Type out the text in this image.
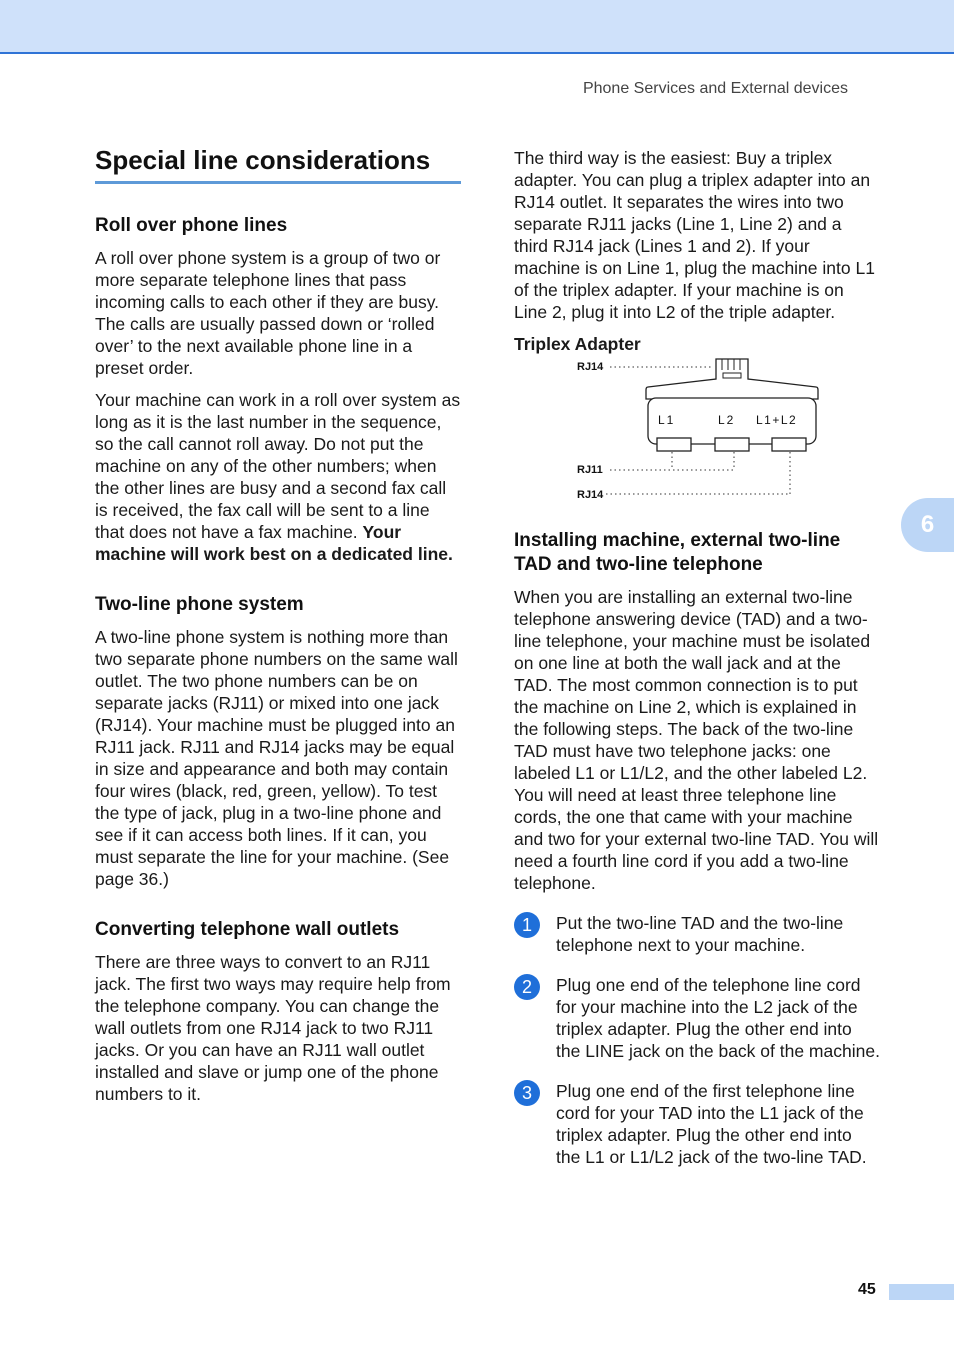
Phone Services and External devices
Special line considerations
Roll over phone lines

A roll over phone system is a group of two or more separate telephone lines that pass incoming calls to each other if they are busy. The calls are usually passed down or ‘rolled over’ to the next available phone line in a preset order.

Your machine can work in a roll over system as long as it is the last number in the sequence, so the call cannot roll away. Do not put the machine on any of the other numbers; when the other lines are busy and a second fax call is received, the fax call will be sent to a line that does not have a fax machine. Your machine will work best on a dedicated line.

Two-line phone system

A two-line phone system is nothing more than two separate phone numbers on the same wall outlet. The two phone numbers can be on separate jacks (RJ11) or mixed into one jack (RJ14). Your machine must be plugged into an RJ11 jack. RJ11 and RJ14 jacks may be equal in size and appearance and both may contain four wires (black, red, green, yellow). To test the type of jack, plug in a two-line phone and see if it can access both lines. If it can, you must separate the line for your machine. (See page 36.)

Converting telephone wall outlets

There are three ways to convert to an RJ11 jack. The first two ways may require help from the telephone company. You can change the wall outlets from one RJ14 jack to two RJ11 jacks. Or you can have an RJ11 wall outlet installed and slave or jump one of the phone numbers to it.

The third way is the easiest: Buy a triplex adapter. You can plug a triplex adapter into an RJ14 outlet. It separates the wires into two separate RJ11 jacks (Line 1, Line 2) and a third RJ14 jack (Lines 1 and 2). If your machine is on Line 1, plug the machine into L1 of the triplex adapter. If your machine is on Line 2, plug it into L2 of the triple adapter.

Triplex Adapter
RJ14
RJ11
RJ14
L1	L2 L1+L2
Installing machine, external two-line TAD and two-line telephone

When you are installing an external two-line telephone answering device (TAD) and a two-line telephone, your machine must be isolated on one line at both the wall jack and at the TAD. The most common connection is to put the machine on Line 2, which is explained in the following steps. The back of the two-line TAD must have two telephone jacks: one labeled L1 or L1/L2, and the other labeled L2. You will need at least three telephone line cords, the one that came with your machine and two for your external two-line TAD. You will need a fourth line cord if you add a two-line telephone.

1	Put the two-line TAD and the two-line telephone next to your machine.
2	Plug one end of the telephone line cord for your machine into the L2 jack of the triplex adapter. Plug the other end into the LINE jack on the back of the machine.
3	Plug one end of the first telephone line cord for your TAD into the L1 jack of the triplex adapter. Plug the other end into the L1 or L1/L2 jack of the two-line TAD.
6
45
